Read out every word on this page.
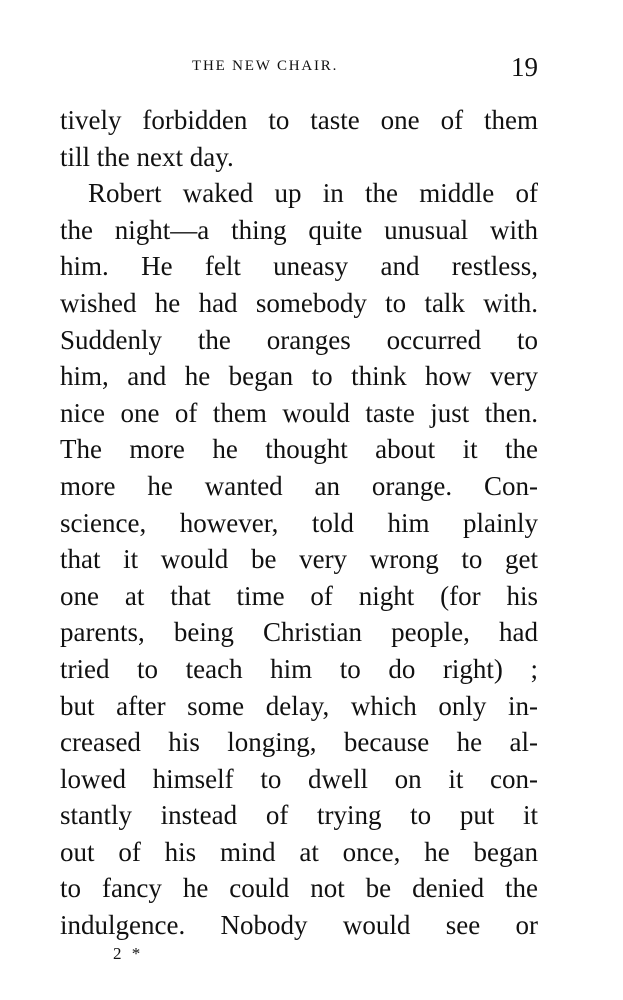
THE NEW CHAIR.	19
tively forbidden to taste one of them
till the next day.
Robert waked up in the middle of
the night—a thing quite unusual with
him. He felt uneasy and restless,
wished he had somebody to talk with.
Suddenly the oranges occurred to
him, and he began to think how very
nice one of them would taste just then.
The more he thought about it the
more he wanted an orange. Con-
science, however, told him plainly
that it would be very wrong to get
one at that time of night (for his
parents, being Christian people, had
tried to teach him to do right) ;
but after some delay, which only in-
creased his longing, because he al-
lowed himself to dwell on it con-
stantly instead of trying to put it
out of his mind at once, he began
to fancy he could not be denied the
indulgence. Nobody would see or
2 *
